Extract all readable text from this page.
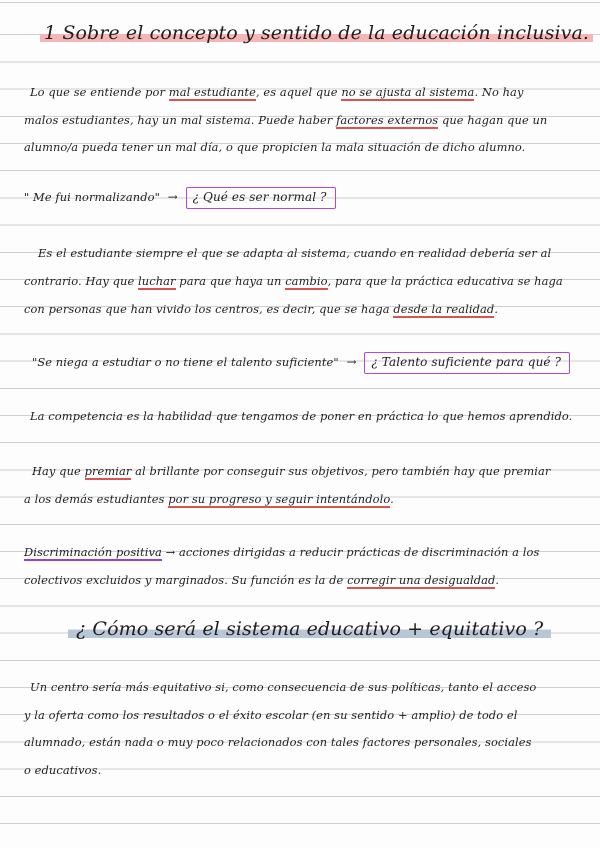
1 Sobre el concepto y sentido de la educación inclusiva.
Lo que se entiende por mal estudiante, es aquel que no se ajusta al sistema. No hay
malos estudiantes, hay un mal sistema. Puede haber factores externos que hagan que un
alumno/a pueda tener un mal día, o que propicien la mala situación de dicho alumno.
" Me fui normalizando" → ¿ Qué es ser normal ?
Es el estudiante siempre el que se adapta al sistema, cuando en realidad debería ser al
contrario. Hay que luchar para que haya un cambio, para que la práctica educativa se haga
con personas que han vivido los centros, es decir, que se haga desde la realidad.
"Se niega a estudiar o no tiene el talento suficiente" → ¿ Talento suficiente para qué ?
La competencia es la habilidad que tengamos de poner en práctica lo que hemos aprendido.
Hay que premiar al brillante por conseguir sus objetivos, pero también hay que premiar
a los demás estudiantes por su progreso y seguir intentándolo.
Discriminación positiva → acciones dirigidas a reducir prácticas de discriminación a los
colectivos excluidos y marginados. Su función es la de corregir una desigualdad.
¿ Cómo será el sistema educativo + equitativo ?
Un centro sería más equitativo si, como consecuencia de sus políticas, tanto el acceso
y la oferta como los resultados o el éxito escolar (en su sentido + amplio) de todo el
alumnado, están nada o muy poco relacionados con tales factores personales, sociales
o educativos.
